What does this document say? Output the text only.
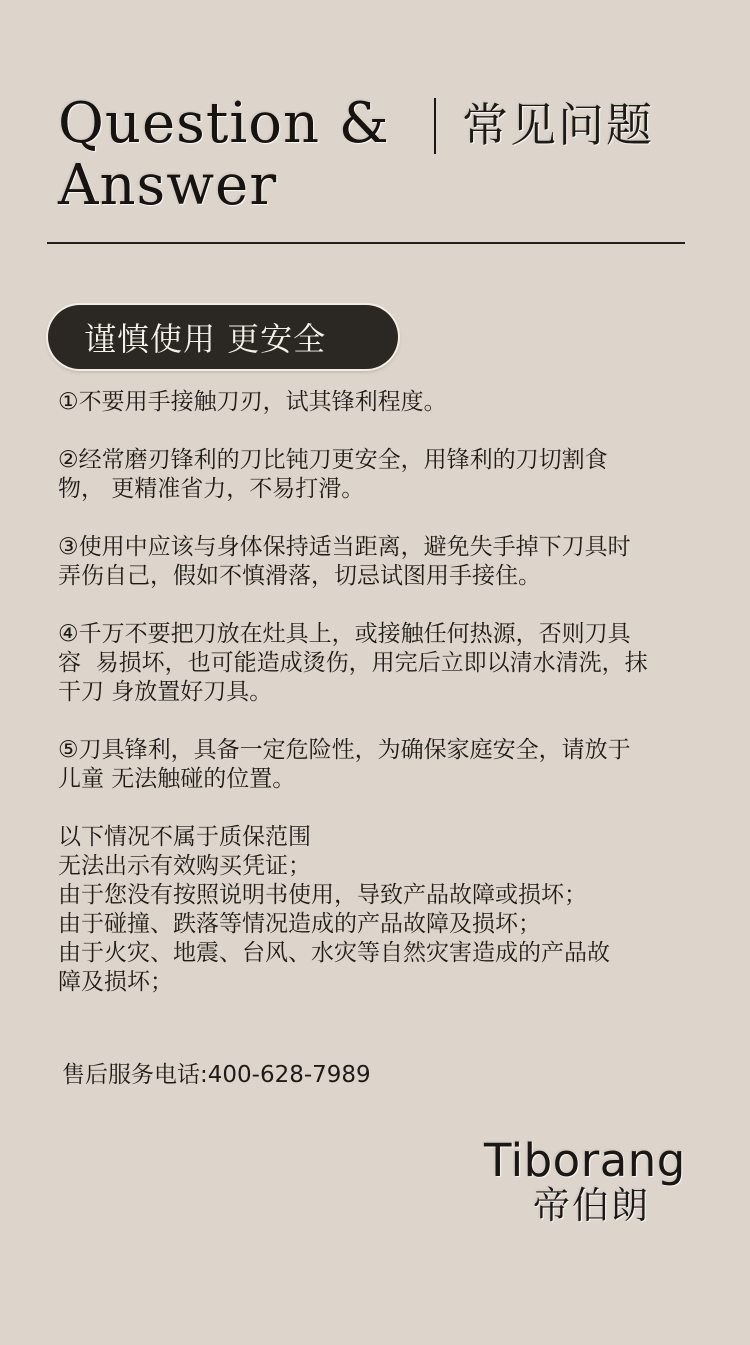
Question &
Answer
常见问题
谨慎使用 更安全
①不要用手接触刀刃，试其锋利程度。
②经常磨刃锋利的刀比钝刀更安全，用锋利的刀切割食
物， 更精准省力，不易打滑。
③使用中应该与身体保持适当距离，避免失手掉下刀具时
弄伤自己，假如不慎滑落，切忌试图用手接住。
④千万不要把刀放在灶具上，或接触任何热源，否则刀具
容  易损坏，也可能造成烫伤，用完后立即以清水清洗，抹
干刀 身放置好刀具。
⑤刀具锋利，具备一定危险性，为确保家庭安全，请放于
儿童 无法触碰的位置。
以下情况不属于质保范围
无法出示有效购买凭证；
由于您没有按照说明书使用，导致产品故障或损坏；
由于碰撞、跌落等情况造成的产品故障及损坏；
由于火灾、地震、台风、水灾等自然灾害造成的产品故
障及损坏；
售后服务电话:400-628-7989
Tiborang
帝伯朗
